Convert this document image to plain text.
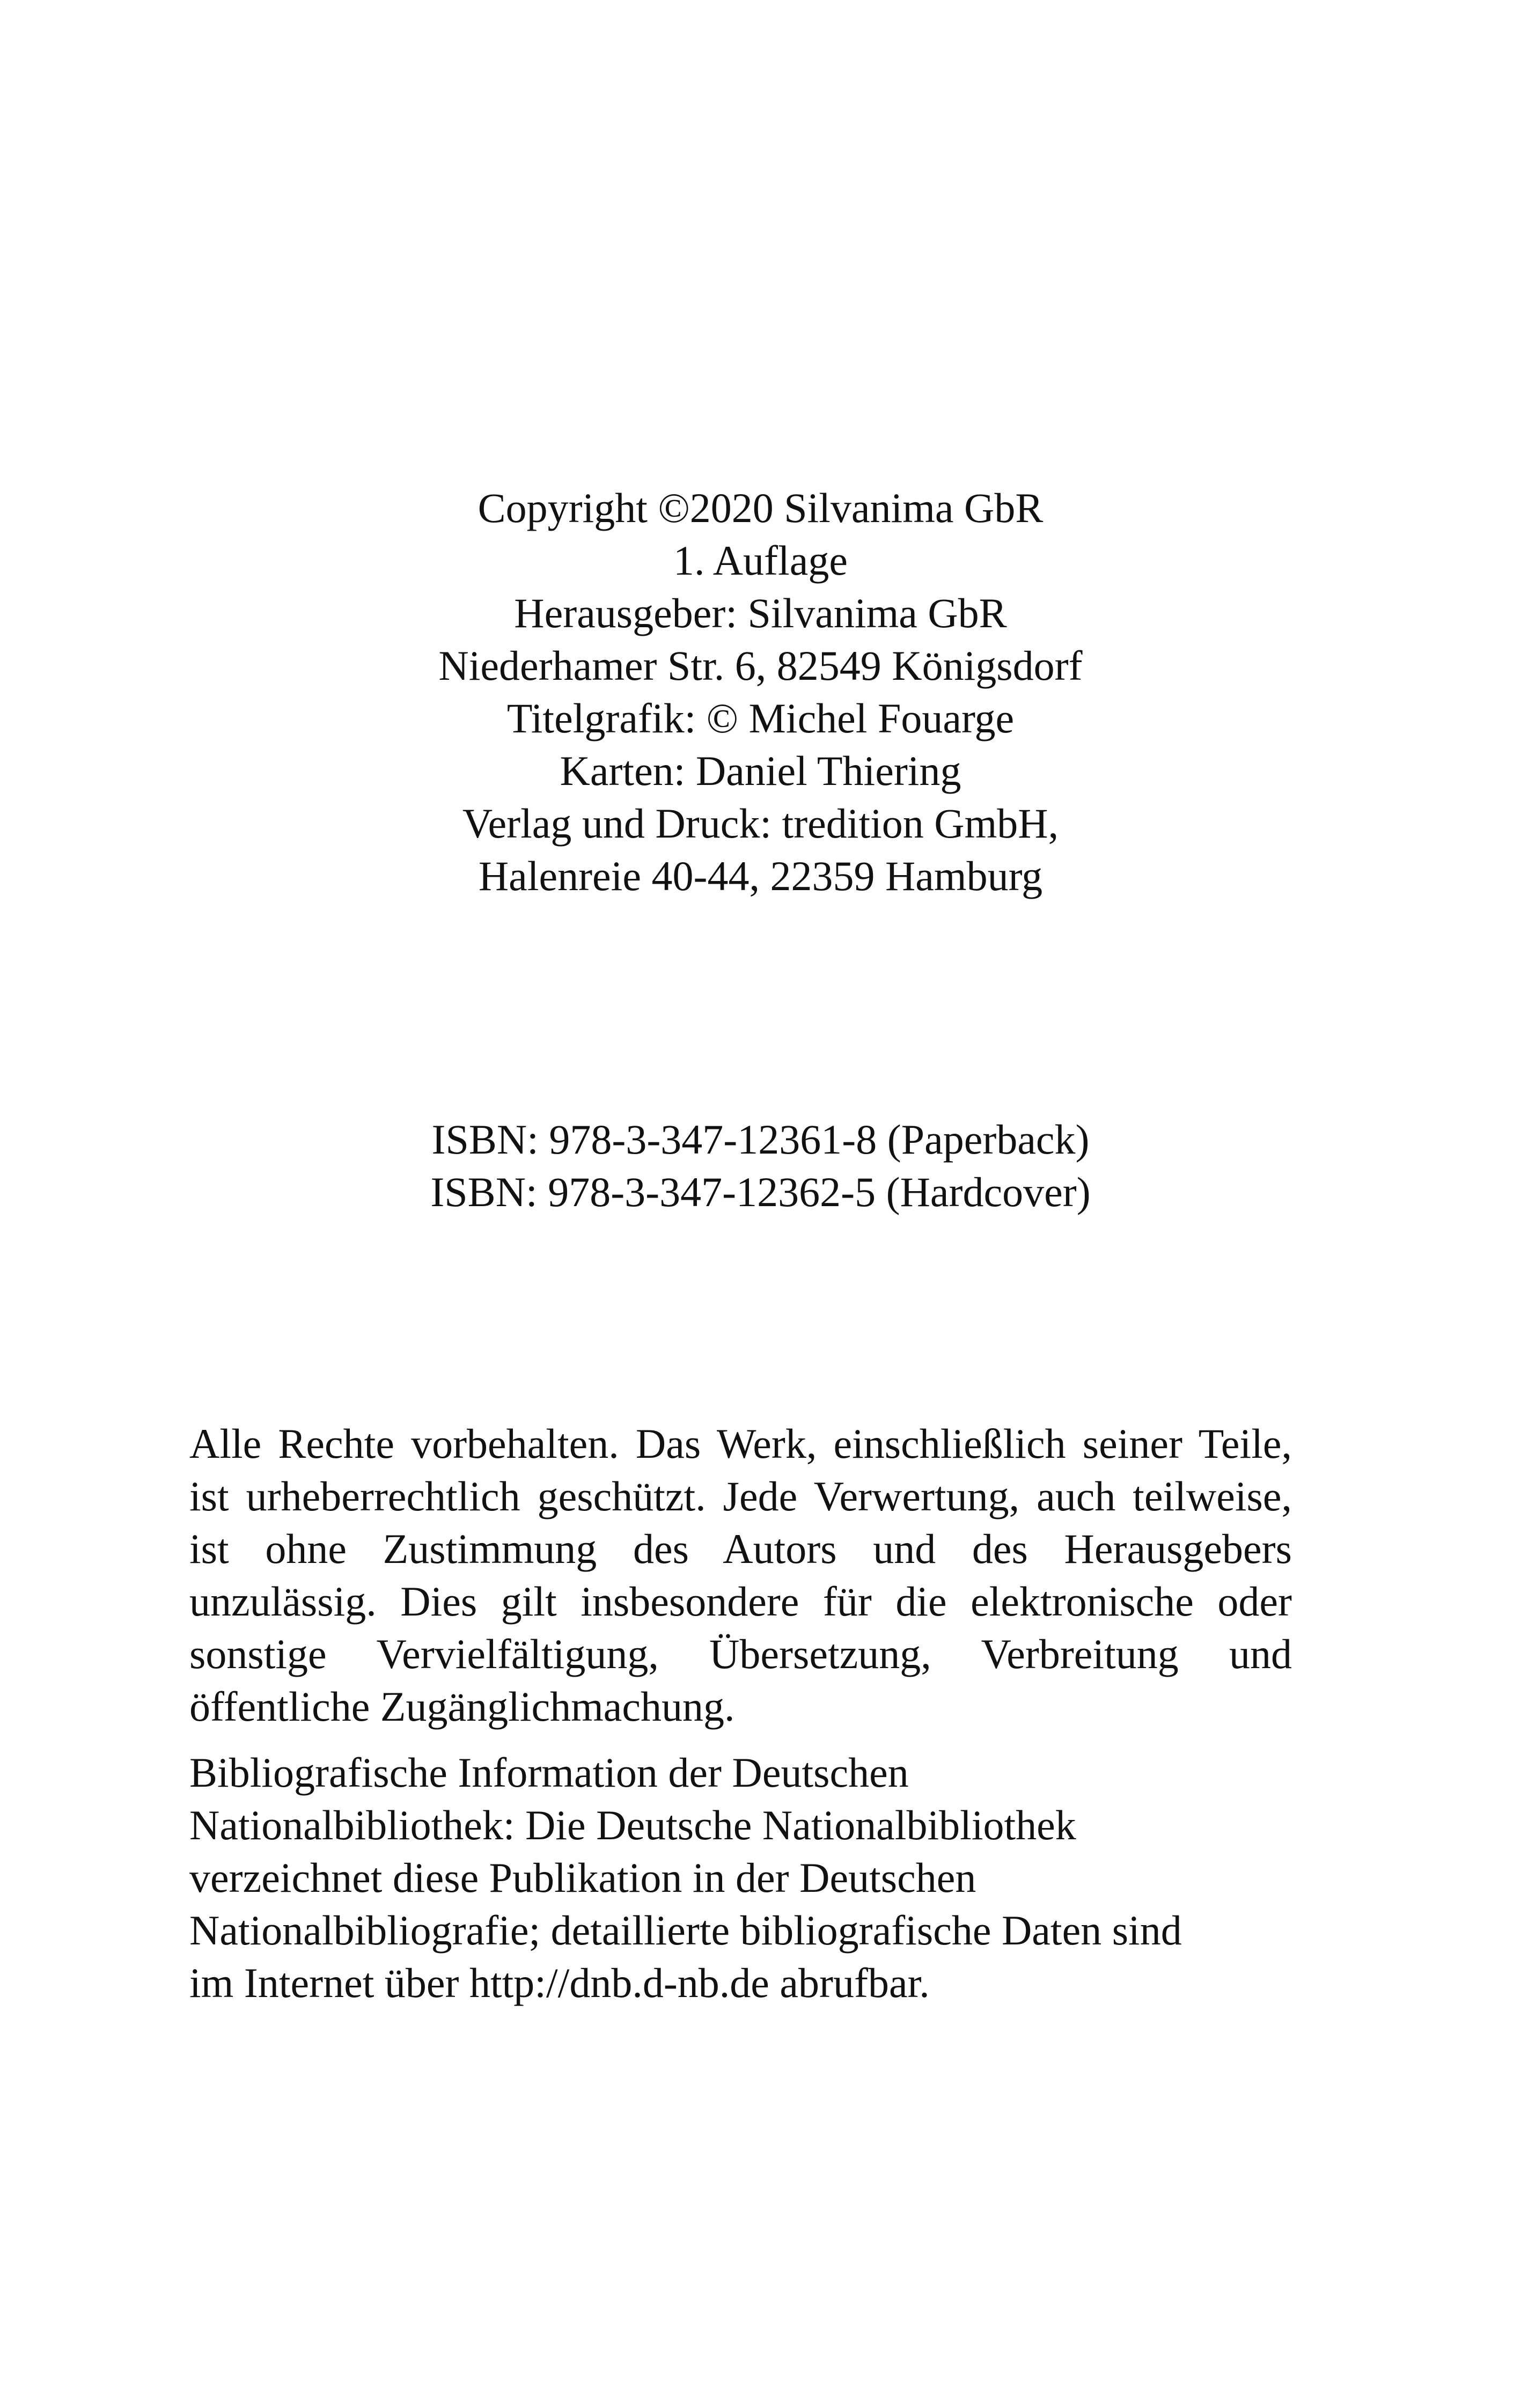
Copyright ©2020 Silvanima GbR
1. Auflage
Herausgeber: Silvanima GbR
Niederhamer Str. 6, 82549 Königsdorf
Titelgrafik: © Michel Fouarge
Karten: Daniel Thiering
Verlag und Druck: tredition GmbH,
Halenreie 40-44, 22359 Hamburg
ISBN: 978-3-347-12361-8 (Paperback)
ISBN: 978-3-347-12362-5 (Hardcover)

Alle Rechte vorbehalten. Das Werk, einschließlich seiner Teile, ist urheberrechtlich geschützt. Jede Verwertung, auch teilweise, ist ohne Zustimmung des Autors und des Herausgebers unzulässig. Dies gilt insbesondere für die elektronische oder sonstige Vervielfältigung, Übersetzung, Verbreitung und öffentliche Zugänglichmachung.

Bibliografische Information der Deutschen
Nationalbibliothek: Die Deutsche Nationalbibliothek
verzeichnet diese Publikation in der Deutschen
Nationalbibliografie; detaillierte bibliografische Daten sind
im Internet über http://dnb.d-nb.de abrufbar.
